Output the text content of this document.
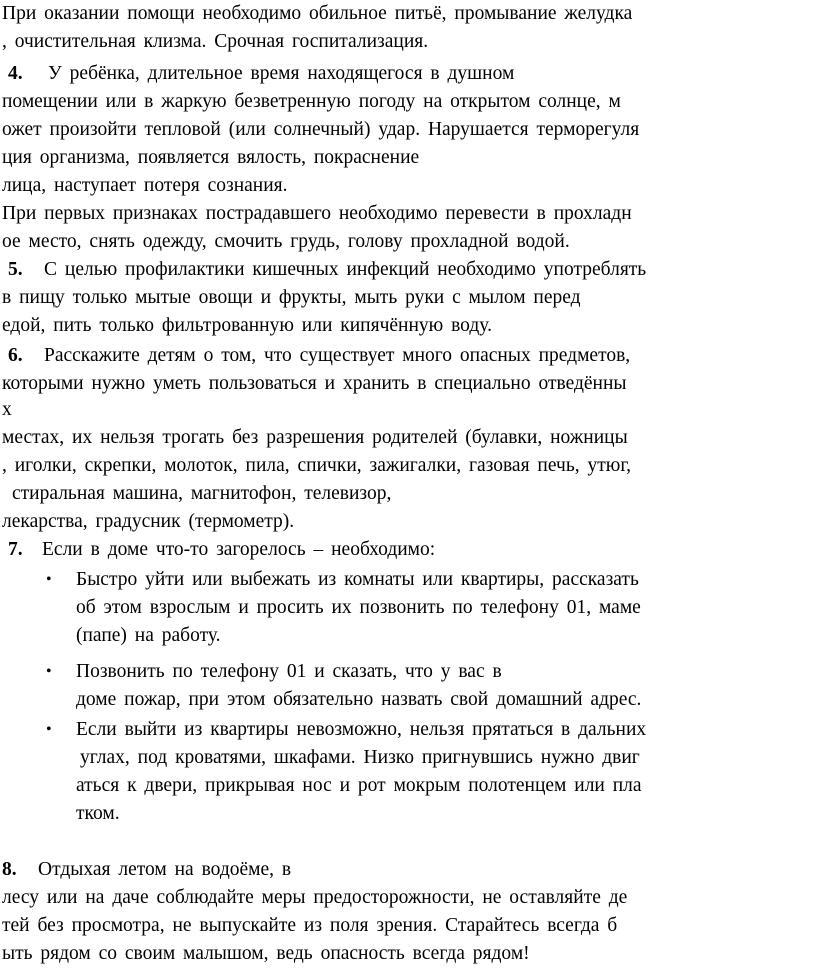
При оказании помощи необходимо обильное питьё, промывание желудка
, очистительная клизма. Срочная госпитализация.
4. У ребёнка, длительное время находящегося в душном
помещении или в жаркую безветренную погоду на открытом солнце, м
ожет произойти тепловой (или солнечный) удар. Нарушается терморегуля
ция организма, появляется вялость, покраснение
лица, наступает потеря сознания.
При первых признаках пострадавшего необходимо перевести в прохладн
ое место, снять одежду, смочить грудь, голову прохладной водой.
5. С целью профилактики кишечных инфекций необходимо употреблять
в пищу только мытые овощи и фрукты, мыть руки с мылом перед
едой, пить только фильтрованную или кипячённую воду.
6. Расскажите детям о том, что существует много опасных предметов,
которыми нужно уметь пользоваться и хранить в специально отведённы
х
местах, их нельзя трогать без разрешения родителей (булавки, ножницы
, иголки, скрепки, молоток, пила, спички, зажигалки, газовая печь, утюг,
стиральная машина, магнитофон, телевизор,
лекарства, градусник (термометр).
7. Если в доме что-то загорелось – необходимо:
• Быстро уйти или выбежать из комнаты или квартиры, рассказать
об этом взрослым и просить их позвонить по телефону 01, маме
(папе) на работу.
• Позвонить по телефону 01 и сказать, что у вас в
доме пожар, при этом обязательно назвать свой домашний адрес.
• Если выйти из квартиры невозможно, нельзя прятаться в дальних
углах, под кроватями, шкафами. Низко пригнувшись нужно двиг
аться к двери, прикрывая нос и рот мокрым полотенцем или пла
тком.
8. Отдыхая летом на водоёме, в
лесу или на даче соблюдайте меры предосторожности, не оставляйте де
тей без просмотра, не выпускайте из поля зрения. Старайтесь всегда б
ыть рядом со своим малышом, ведь опасность всегда рядом!
